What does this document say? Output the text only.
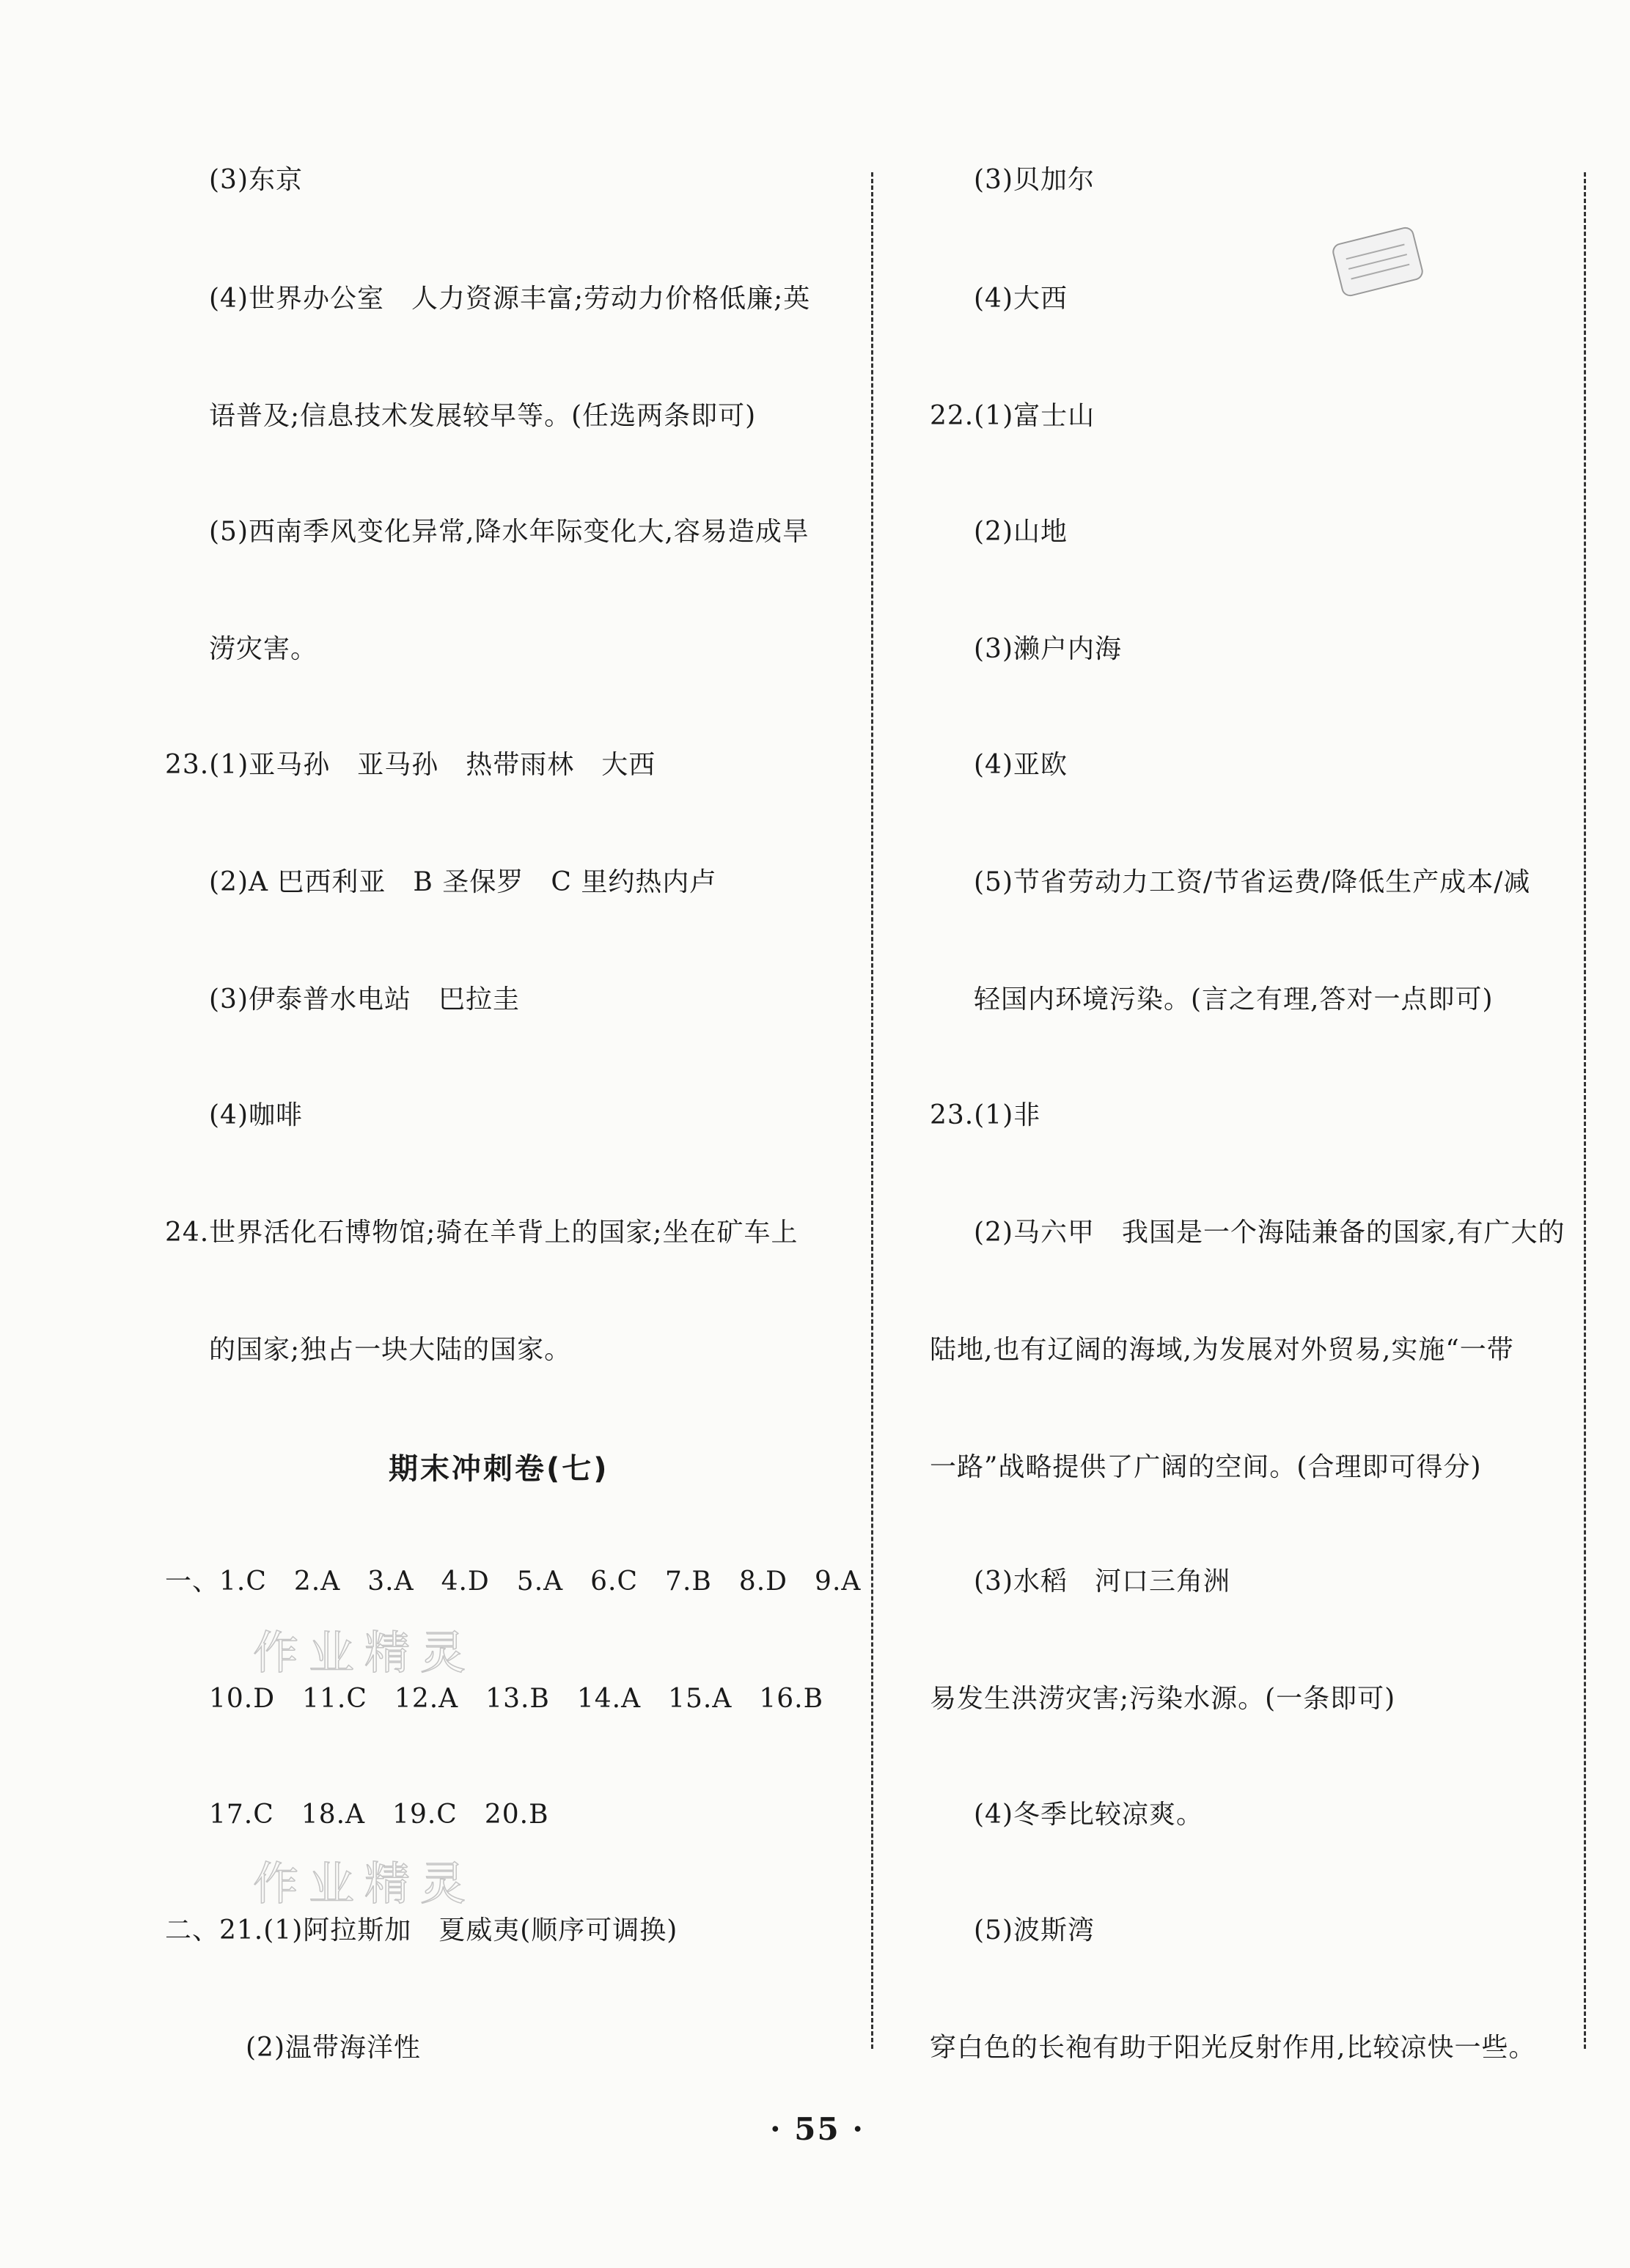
(3)东京
(4)世界办公室　人力资源丰富;劳动力价格低廉;英
语普及;信息技术发展较早等。(任选两条即可)
(5)西南季风变化异常,降水年际变化大,容易造成旱
涝灾害。
23.(1)亚马孙　亚马孙　热带雨林　大西
(2)A 巴西利亚　B 圣保罗　C 里约热内卢
(3)伊泰普水电站　巴拉圭
(4)咖啡
24.世界活化石博物馆;骑在羊背上的国家;坐在矿车上
的国家;独占一块大陆的国家。
一、1.C　2.A　3.A　4.D　5.A　6.C　7.B　8.D　9.A
10.D　11.C　12.A　13.B　14.A　15.A　16.B
17.C　18.A　19.C　20.B
二、21.(1)阿拉斯加　夏威夷(顺序可调换)
(2)温带海洋性
(3)贝加尔
(4)大西
22.(1)富士山
(2)山地
(3)濑户内海
(4)亚欧
(5)节省劳动力工资/节省运费/降低生产成本/减
轻国内环境污染。(言之有理,答对一点即可)
23.(1)非
(2)马六甲　我国是一个海陆兼备的国家,有广大的
陆地,也有辽阔的海域,为发展对外贸易,实施“一带
一路”战略提供了广阔的空间。(合理即可得分)
(3)水稻　河口三角洲
易发生洪涝灾害;污染水源。(一条即可)
(4)冬季比较凉爽。
(5)波斯湾
穿白色的长袍有助于阳光反射作用,比较凉快一些。
期末冲刺卷(七)
作业精灵
作业精灵
· 55 ·
